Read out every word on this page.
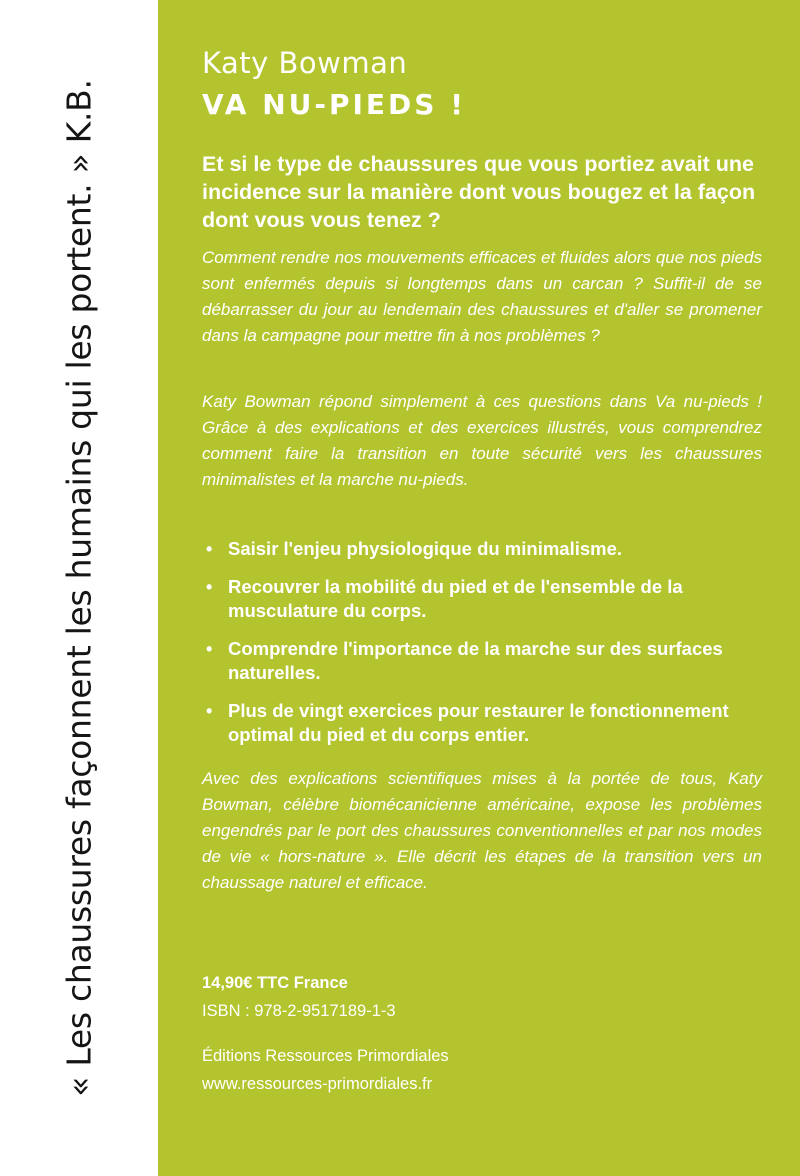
« Les chaussures façonnent les humains qui les portent. » K.B.
Katy Bowman
VA NU-PIEDS !
Et si le type de chaussures que vous portiez avait une incidence sur la manière dont vous bougez et la façon dont vous vous tenez ?

Comment rendre nos mouvements efficaces et fluides alors que nos pieds sont enfermés depuis si longtemps dans un carcan ? Suffit-il de se débarrasser du jour au lendemain des chaussures et d'aller se promener dans la campagne pour mettre fin à nos problèmes ?

Katy Bowman répond simplement à ces questions dans Va nu-pieds ! Grâce à des explications et des exercices illustrés, vous comprendrez comment faire la transition en toute sécurité vers les chaussures minimalistes et la marche nu-pieds.

• Saisir l'enjeu physiologique du minimalisme.
• Recouvrer la mobilité du pied et de l'ensemble de la musculature du corps.
• Comprendre l'importance de la marche sur des surfaces naturelles.
• Plus de vingt exercices pour restaurer le fonctionnement optimal du pied et du corps entier.

Avec des explications scientifiques mises à la portée de tous, Katy Bowman, célèbre biomécanicienne américaine, expose les problèmes engendrés par le port des chaussures conventionnelles et par nos modes de vie « hors-nature ». Elle décrit les étapes de la transition vers un chaussage naturel et efficace.

14,90€ TTC France
ISBN : 978-2-9517189-1-3
Éditions Ressources Primordiales
www.ressources-primordiales.fr
